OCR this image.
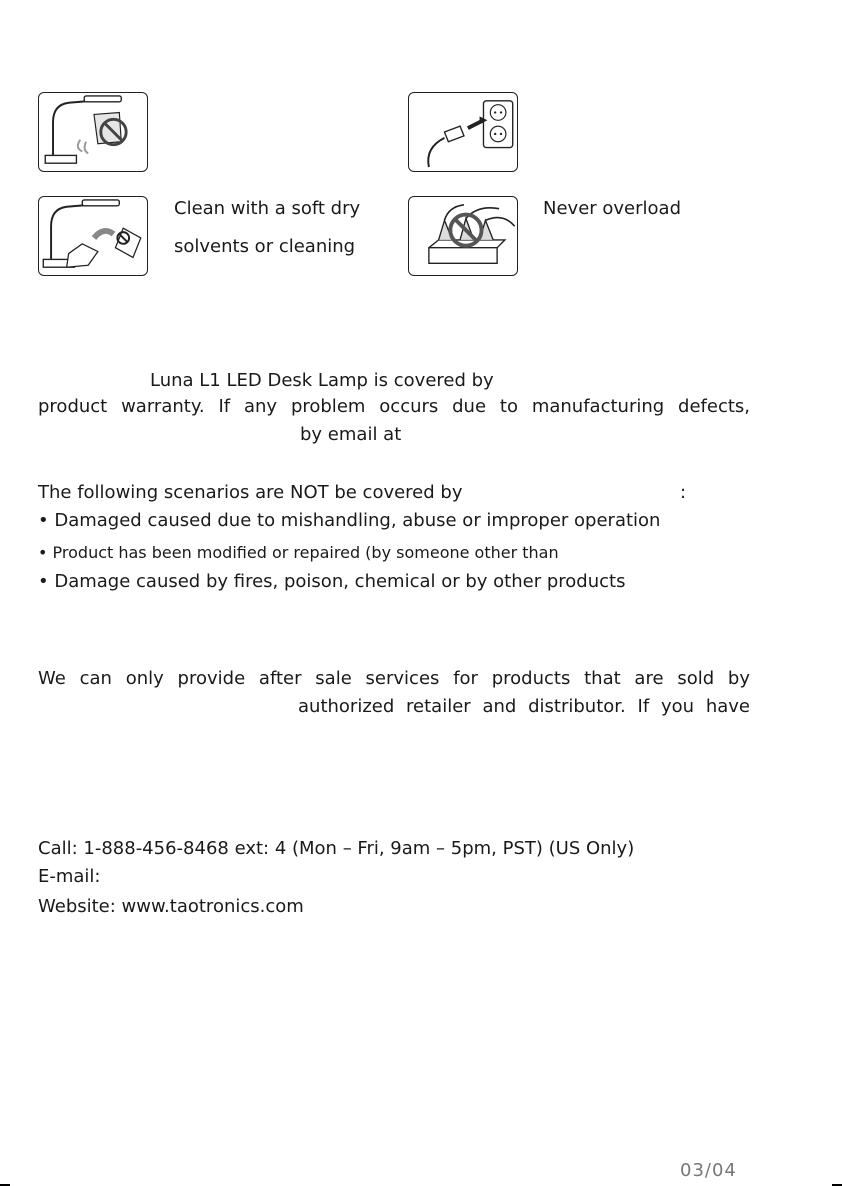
Clean with a soft dry
solvents or cleaning
Never overload
Luna L1 LED Desk Lamp is covered by
product warranty. If any problem occurs due to manufacturing defects,
by email at
The following scenarios are NOT be covered by	:
• Damaged caused due to mishandling, abuse or improper operation
• Product has been modified or repaired (by someone other than
• Damage caused by fires, poison, chemical or by other products
We can only provide after sale services for products that are sold by
authorized retailer and distributor. If you have
Call: 1-888-456-8468 ext: 4 (Mon – Fri, 9am – 5pm, PST) (US Only)
E-mail:
Website: www.taotronics.com
03/04
